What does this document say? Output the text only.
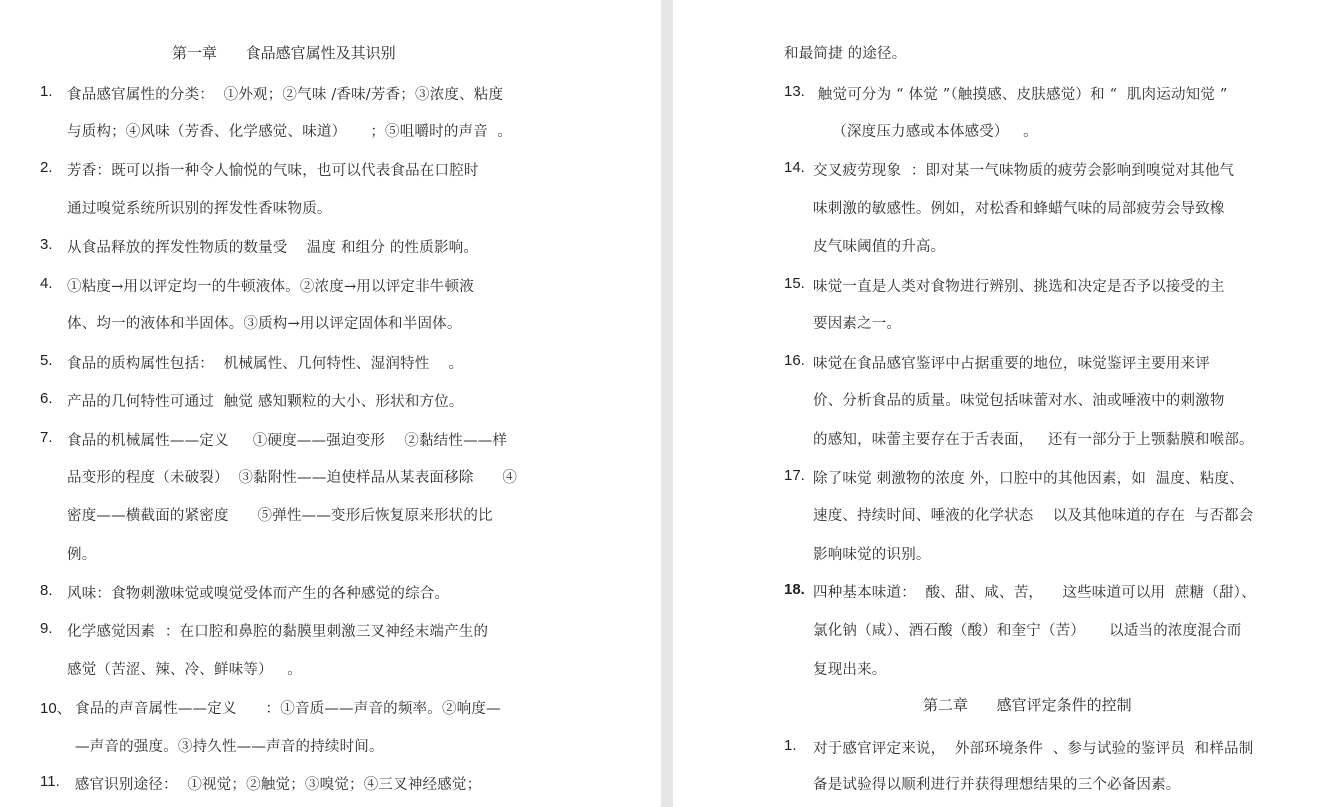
第一章      食品感官属性及其识别
1. 食品感官属性的分类：  ①外观；②气味 /香味/芳香；③浓度、粘度
与质构；④风味（芳香、化学感觉、味道）     ；⑤咀嚼时的声音  。
2. 芳香：既可以指一种令人愉悦的气味，也可以代表食品在口腔时
通过嗅觉系统所识别的挥发性香味物质。
3. 从食品释放的挥发性物质的数量受    温度 和组分 的性质影响。
4. ①粘度→用以评定均一的牛顿液体。②浓度→用以评定非牛顿液
体、均一的液体和半固体。③质构→用以评定固体和半固体。
5. 食品的质构属性包括：  机械属性、几何特性、湿润特性    。
6. 产品的几何特性可通过  触觉 感知颗粒的大小、形状和方位。
7. 食品的机械属性——定义     ①硬度——强迫变形    ②黏结性——样
品变形的程度（未破裂）  ③黏附性——迫使样品从某表面移除      ④
密度——横截面的紧密度      ⑤弹性——变形后恢复原来形状的比
例。
8. 风味：食物刺激味觉或嗅觉受体而产生的各种感觉的综合。
9. 化学感觉因素  ：在口腔和鼻腔的黏膜里刺激三叉神经末端产生的
感觉（苦涩、辣、冷、鲜味等）   。
10、 食品的声音属性——定义      ：①音质——声音的频率。②响度—
—声音的强度。③持久性——声音的持续时间。
11. 感官识别途径：  ①视觉；②触觉；③嗅觉；④三叉神经感觉；
和最简捷 的途径。
13. 触觉可分为 “ 体觉 ”（触摸感、皮肤感觉）和 “  肌肉运动知觉 ”
（深度压力感或本体感受）   。
14. 交叉疲劳现象  ：即对某一气味物质的疲劳会影响到嗅觉对其他气
味刺激的敏感性。例如，对松香和蜂蜡气味的局部疲劳会导致橡
皮气味阈值的升高。
15. 味觉一直是人类对食物进行辨别、挑选和决定是否予以接受的主
要因素之一。
16. 味觉在食品感官鉴评中占据重要的地位，味觉鉴评主要用来评
价、分析食品的质量。味觉包括味蕾对水、油或唾液中的刺激物
的感知，味蕾主要存在于舌表面，   还有一部分于上颚黏膜和喉部。
17. 除了味觉 刺激物的浓度 外，口腔中的其他因素，如  温度、粘度、
速度、持续时间、唾液的化学状态    以及其他味道的存在  与否都会
影响味觉的识别。
18. 四种基本味道：  酸、甜、咸、苦，    这些味道可以用  蔗糖（甜）、
氯化钠（咸）、酒石酸（酸）和奎宁（苦）     以适当的浓度混合而
复现出来。
第二章      感官评定条件的控制
1. 对于感官评定来说，  外部环境条件  、参与试验的鉴评员  和样品制
备是试验得以顺利进行并获得理想结果的三个必备因素。
